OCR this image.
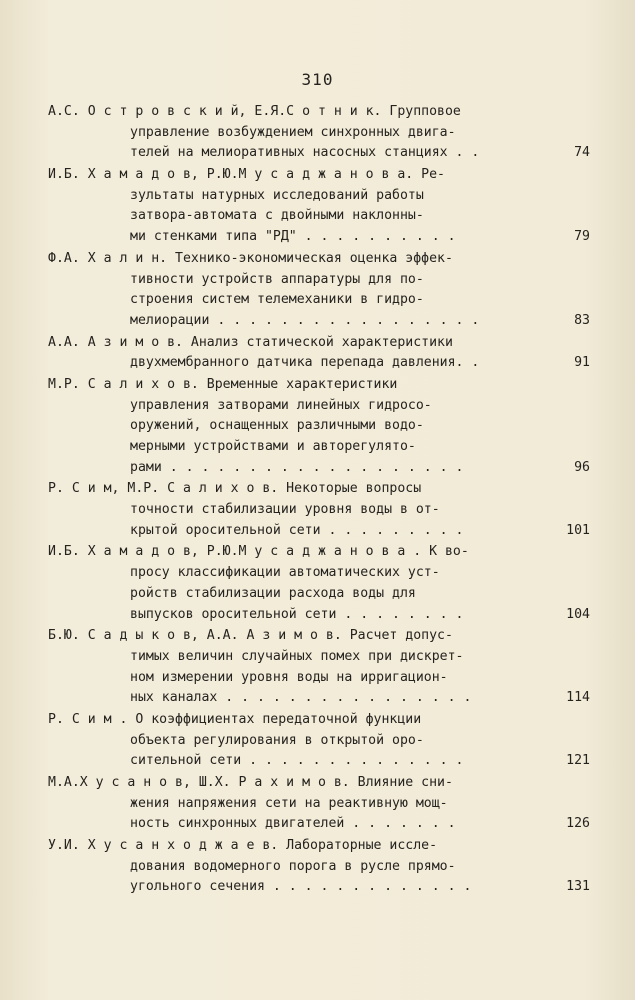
310
А.С. О с т р о в с к и й, Е.Я.С о т н и к. Групповое
управление возбуждением синхронных двига-
телей на мелиоративных насосных станциях . .	74
И.Б. Х а м а д о в, Р.Ю.М у с а д ж а н о в а. Ре-
зультаты натурных исследований работы
затвора-автомата с двойными наклонны-
ми стенками типа "РД" . . . . . . . . . .	79
Ф.А. Х а л и н. Технико-экономическая оценка эффек-
тивности устройств аппаратуры для по-
строения систем телемеханики в гидро-
мелиорации . . . . . . . . . . . . . . . . .	83
А.А. А з и м о в. Анализ статической характеристики
двухмембранного датчика перепада давления. .	91
М.Р. С а л и х о в. Временные характеристики
управления затворами линейных гидросо-
оружений, оснащенных различными водо-
мерными устройствами и авторегулято-
рами . . . . . . . . . . . . . . . . . . .	96
Р. С и м, М.Р. С а л и х о в. Некоторые вопросы
точности стабилизации уровня воды в от-
крытой оросительной сети . . . . . . . . .	101
И.Б. Х а м а д о в, Р.Ю.М у с а д ж а н о в а . К во-
просу классификации автоматических уст-
ройств стабилизации расхода воды для
выпусков оросительной сети . . . . . . . .	104
Б.Ю. С а д ы к о в, А.А. А з и м о в. Расчет допус-
тимых величин случайных помех при дискрет-
ном измерении уровня воды на ирригацион-
ных каналах . . . . . . . . . . . . . . . .	114
Р. С и м . О коэффициентах передаточной функции
объекта регулирования в открытой оро-
сительной сети . . . . . . . . . . . . . .	121
М.А.Х у с а н о в, Ш.Х. Р а х и м о в. Влияние сни-
жения напряжения сети на реактивную мощ-
ность синхронных двигателей . . . . . . .	126
У.И. Х у с а н х о д ж а е в. Лабораторные иссле-
дования водомерного порога в русле прямо-
угольного сечения . . . . . . . . . . . . .	131
